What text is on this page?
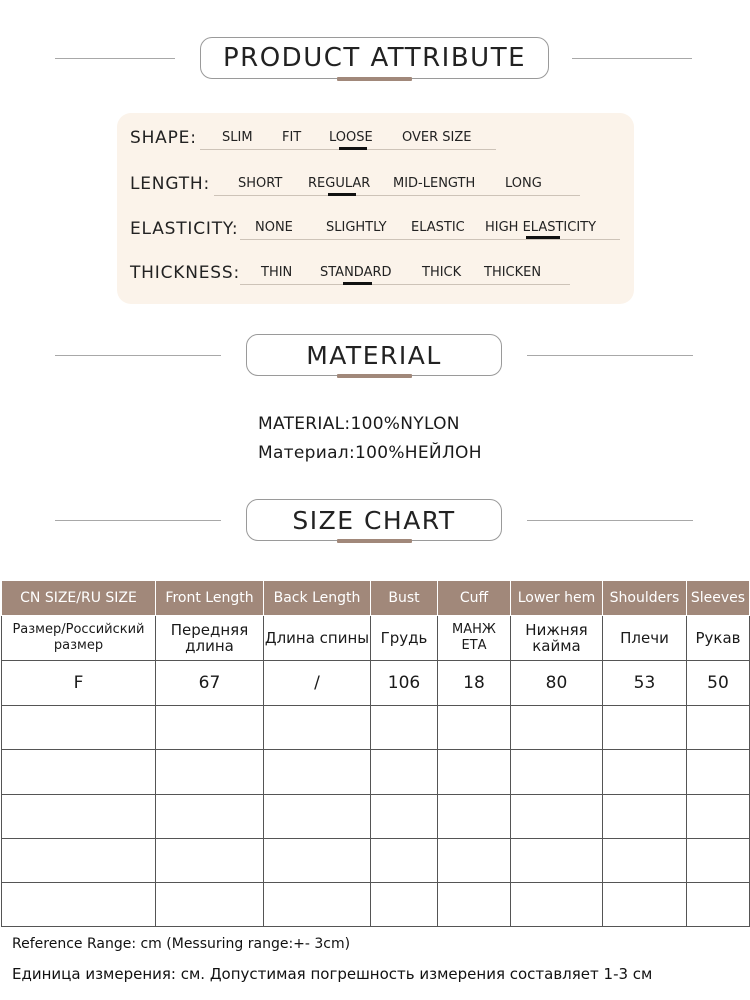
PRODUCT ATTRIBUTE
SHAPE: SLIM FIT LOOSE OVER SIZE
LENGTH: SHORT REGULAR MID-LENGTH LONG
ELASTICITY: NONE	SLIGHTLY ELASTIC HIGH ELASTICITY
THICKNESS: THIN STANDARD THICK THICKEN
MATERIAL
MATERIAL:100%NYLON
Материал:100%НЕЙЛОН
SIZE CHART
CN SIZE/RU SIZE	Front Length	Back Length	Bust	Cuff	Lower hem	Shoulders	Sleeves
Размер/Российский размер	Передняя длина	Длина спины	Грудь	МАНЖ ЕТА	Нижняя кайма	Плечи	Рукав
F	67	/	106	18	80	53	50

Reference Range: cm (Messuring range:+- 3cm)
Единица измерения: см. Допустимая погрешность измерения составляет 1-3 см
